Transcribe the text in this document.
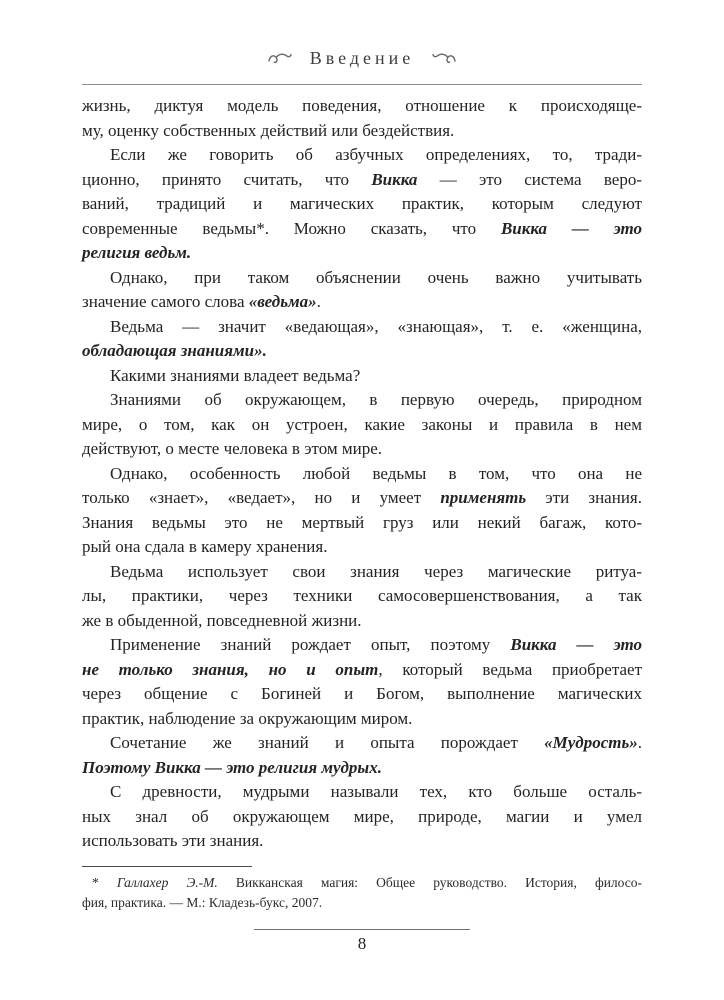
Введение
жизнь, диктуя модель поведения, отношение к происходяще-
му, оценку собственных действий или бездействия.
Если же говорить об азбучных определениях, то, тради-
ционно, принято считать, что Викка — это система веро-
ваний, традиций и магических практик, которым следуют
современные ведьмы*. Можно сказать, что Викка — это
религия ведьм.
Однако, при таком объяснении очень важно учитывать
значение самого слова «ведьма».
Ведьма — значит «ведающая», «знающая», т. е. «женщина,
обладающая знаниями».
Какими знаниями владеет ведьма?
Знаниями об окружающем, в первую очередь, природном
мире, о том, как он устроен, какие законы и правила в нем
действуют, о месте человека в этом мире.
Однако, особенность любой ведьмы в том, что она не
только «знает», «ведает», но и умеет применять эти знания.
Знания ведьмы это не мертвый груз или некий багаж, кото-
рый она сдала в камеру хранения.
Ведьма использует свои знания через магические ритуа-
лы, практики, через техники самосовершенствования, а так
же в обыденной, повседневной жизни.
Применение знаний рождает опыт, поэтому Викка — это
не только знания, но и опыт, который ведьма приобретает
через общение с Богиней и Богом, выполнение магических
практик, наблюдение за окружающим миром.
Сочетание же знаний и опыта порождает «Мудрость».
Поэтому Викка — это религия мудрых.
С древности, мудрыми называли тех, кто больше осталь-
ных знал об окружающем мире, природе, магии и умел
использовать эти знания.
* Галлахер Э.-М. Викканская магия: Общее руководство. История, филосо-
фия, практика. — М.: Кладезь-букс, 2007.
8
